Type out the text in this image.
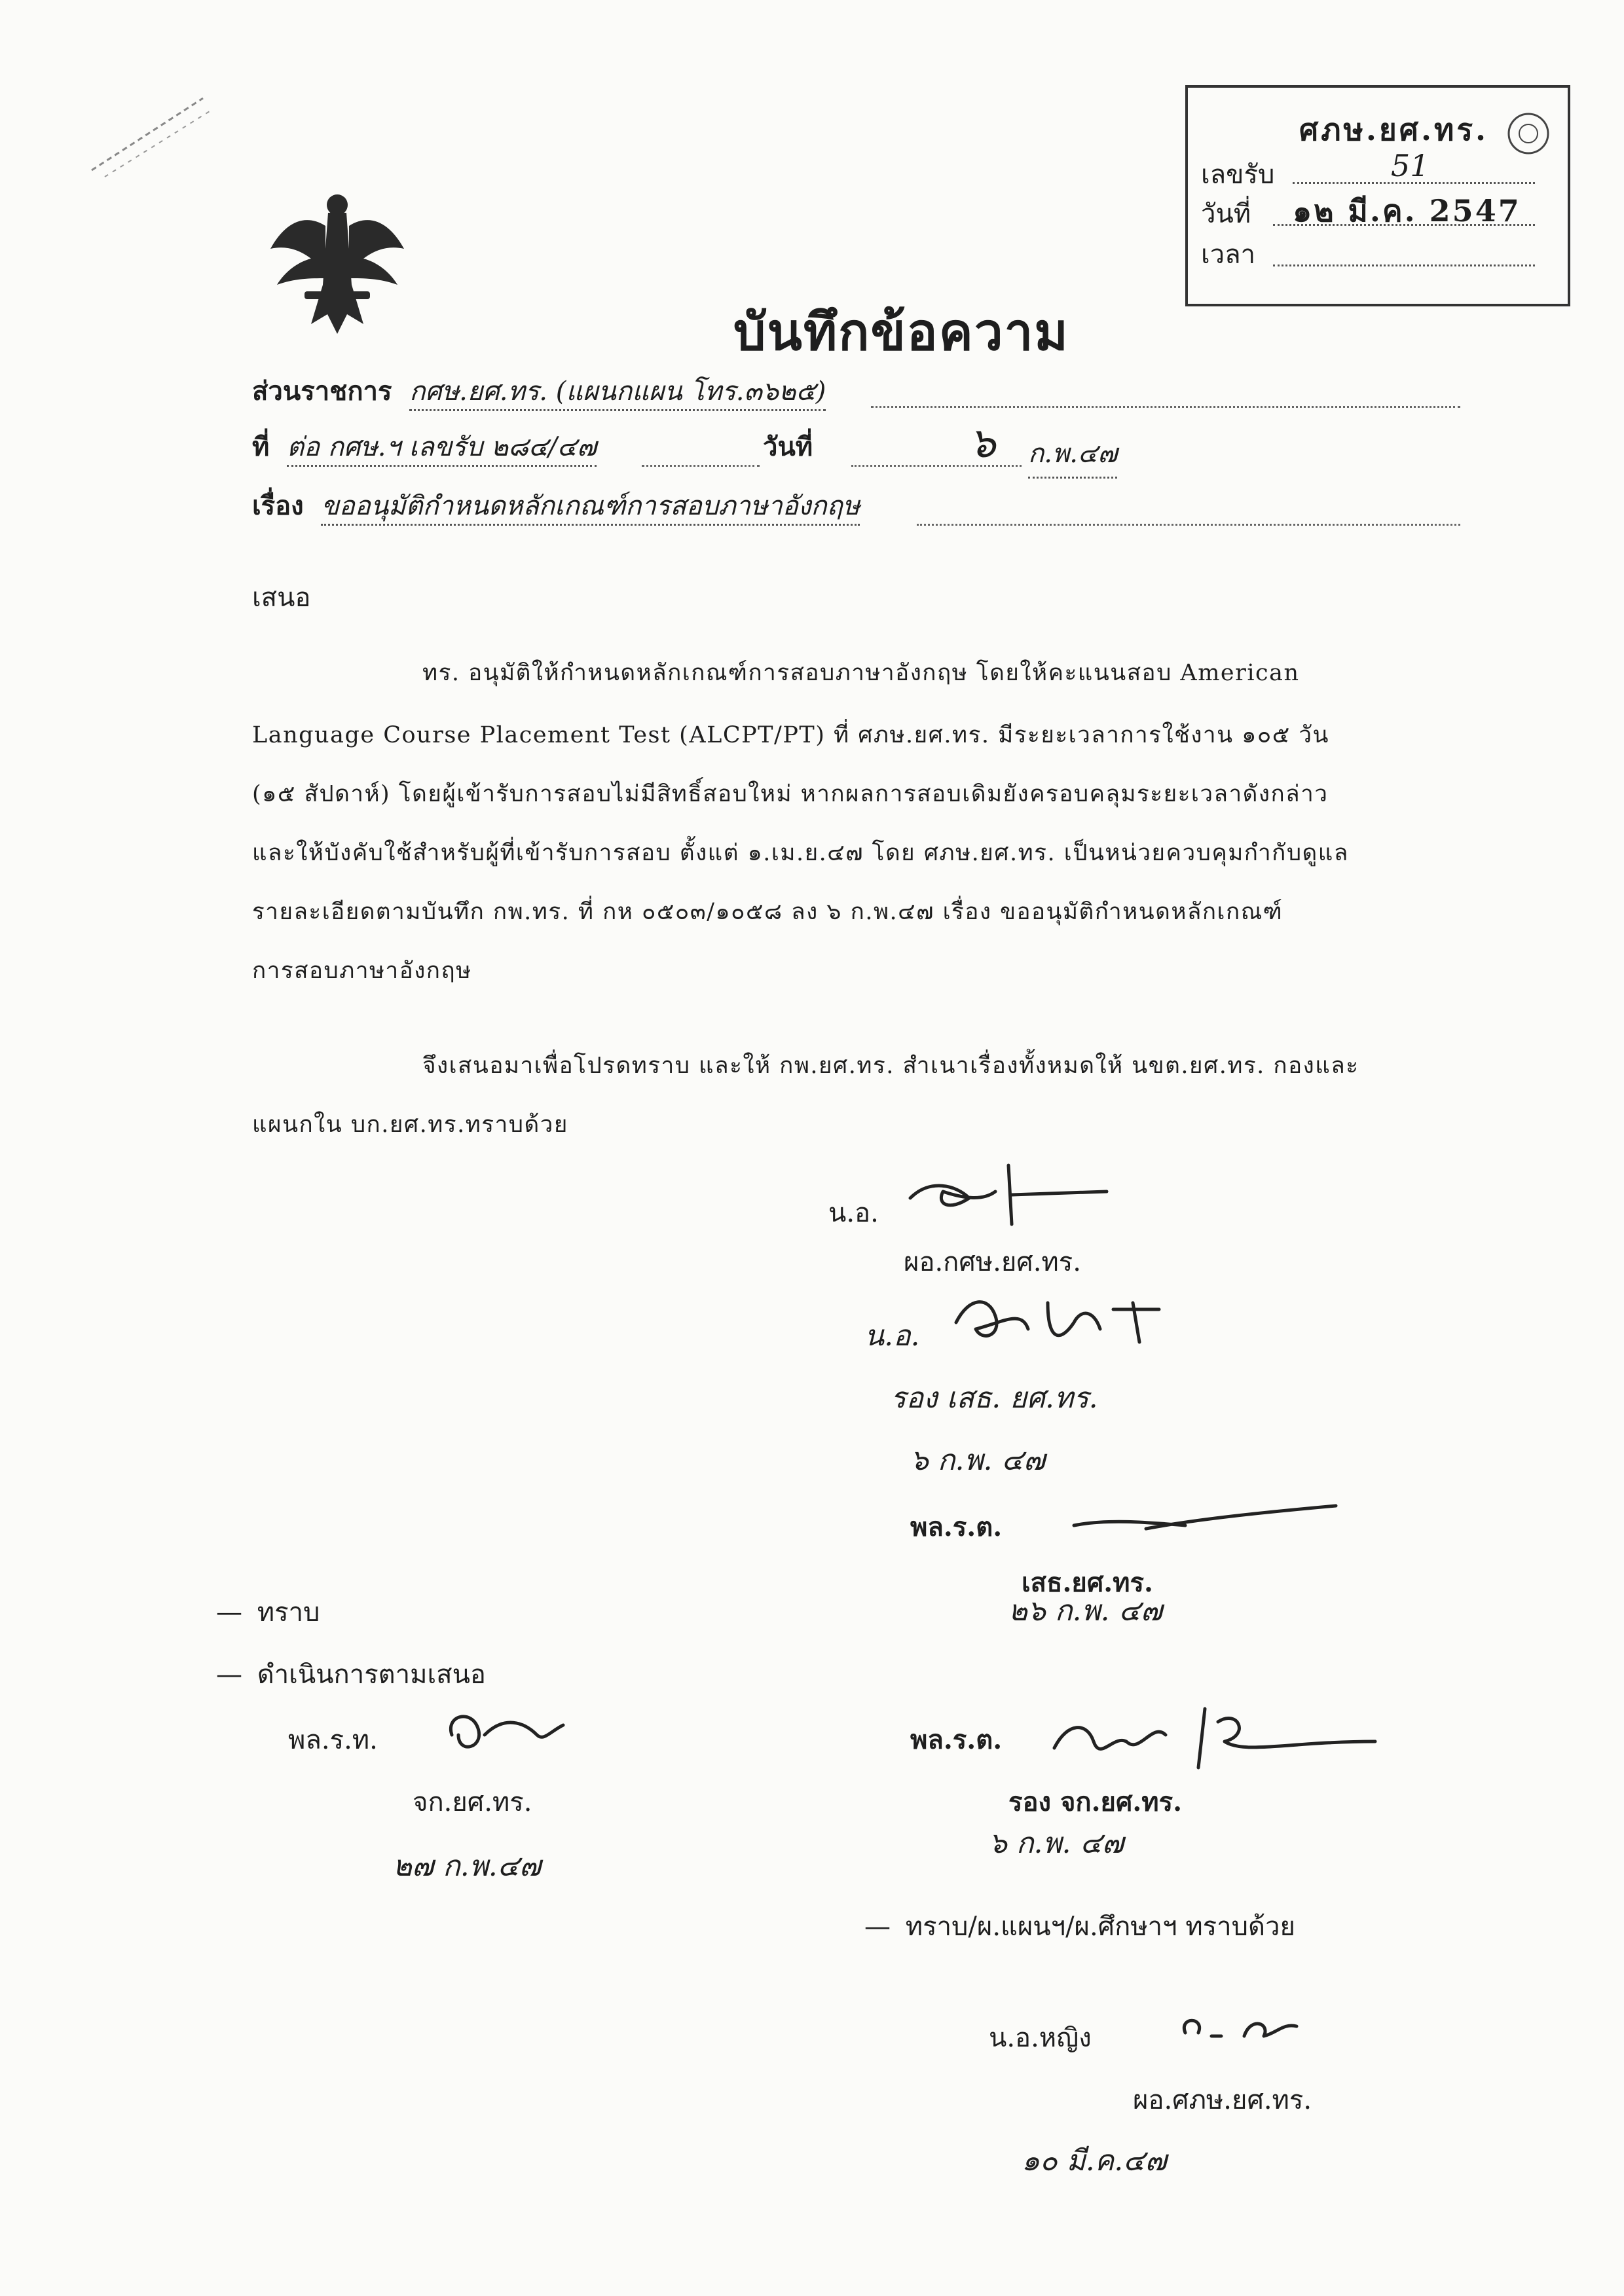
บันทึกข้อความ
ศภษ.ยศ.ทร.
เลขรับ	51
วันที่ ๑๒ มี.ค. 2547
เวลา
ส่วนราชการ กศษ.ยศ.ทร. (แผนกแผน โทร.๓๖๒๕)
ที่ ต่อ กศษ.ฯ เลขรับ ๒๘๔/๔๗	วันที่	๖ ก.พ.๔๗
เรื่อง ขออนุมัติกำหนดหลักเกณฑ์การสอบภาษาอังกฤษ
เสนอ
ทร. อนุมัติให้กำหนดหลักเกณฑ์การสอบภาษาอังกฤษ โดยให้คะแนนสอบ American
Language Course Placement Test (ALCPT/PT) ที่ ศภษ.ยศ.ทร. มีระยะเวลาการใช้งาน ๑๐๕ วัน
(๑๕ สัปดาห์) โดยผู้เข้ารับการสอบไม่มีสิทธิ์สอบใหม่ หากผลการสอบเดิมยังครอบคลุมระยะเวลาดังกล่าว
และให้บังคับใช้สำหรับผู้ที่เข้ารับการสอบ ตั้งแต่ ๑.เม.ย.๔๗ โดย ศภษ.ยศ.ทร. เป็นหน่วยควบคุมกำกับดูแล
รายละเอียดตามบันทึก กพ.ทร. ที่ กห ๐๕๐๓/๑๐๕๘ ลง ๖ ก.พ.๔๗ เรื่อง ขออนุมัติกำหนดหลักเกณฑ์
การสอบภาษาอังกฤษ
จึงเสนอมาเพื่อโปรดทราบ และให้ กพ.ยศ.ทร. สำเนาเรื่องทั้งหมดให้ นขต.ยศ.ทร. กองและ
แผนกใน บก.ยศ.ทร.ทราบด้วย
น.อ.
ผอ.กศษ.ยศ.ทร.
น.อ.
รอง เสธ. ยศ.ทร.
๖ ก.พ. ๔๗
พล.ร.ต.
เสธ.ยศ.ทร.
๒๖ ก.พ. ๔๗
— ทราบ
— ดำเนินการตามเสนอ
พล.ร.ท.
จก.ยศ.ทร.
๒๗ ก.พ.๔๗
พล.ร.ต.
รอง จก.ยศ.ทร.
๖ ก.พ. ๔๗
— ทราบ/ผ.แผนฯ/ผ.ศึกษาฯ ทราบด้วย
น.อ.หญิง
ผอ.ศภษ.ยศ.ทร.
๑๐ มี.ค.๔๗
